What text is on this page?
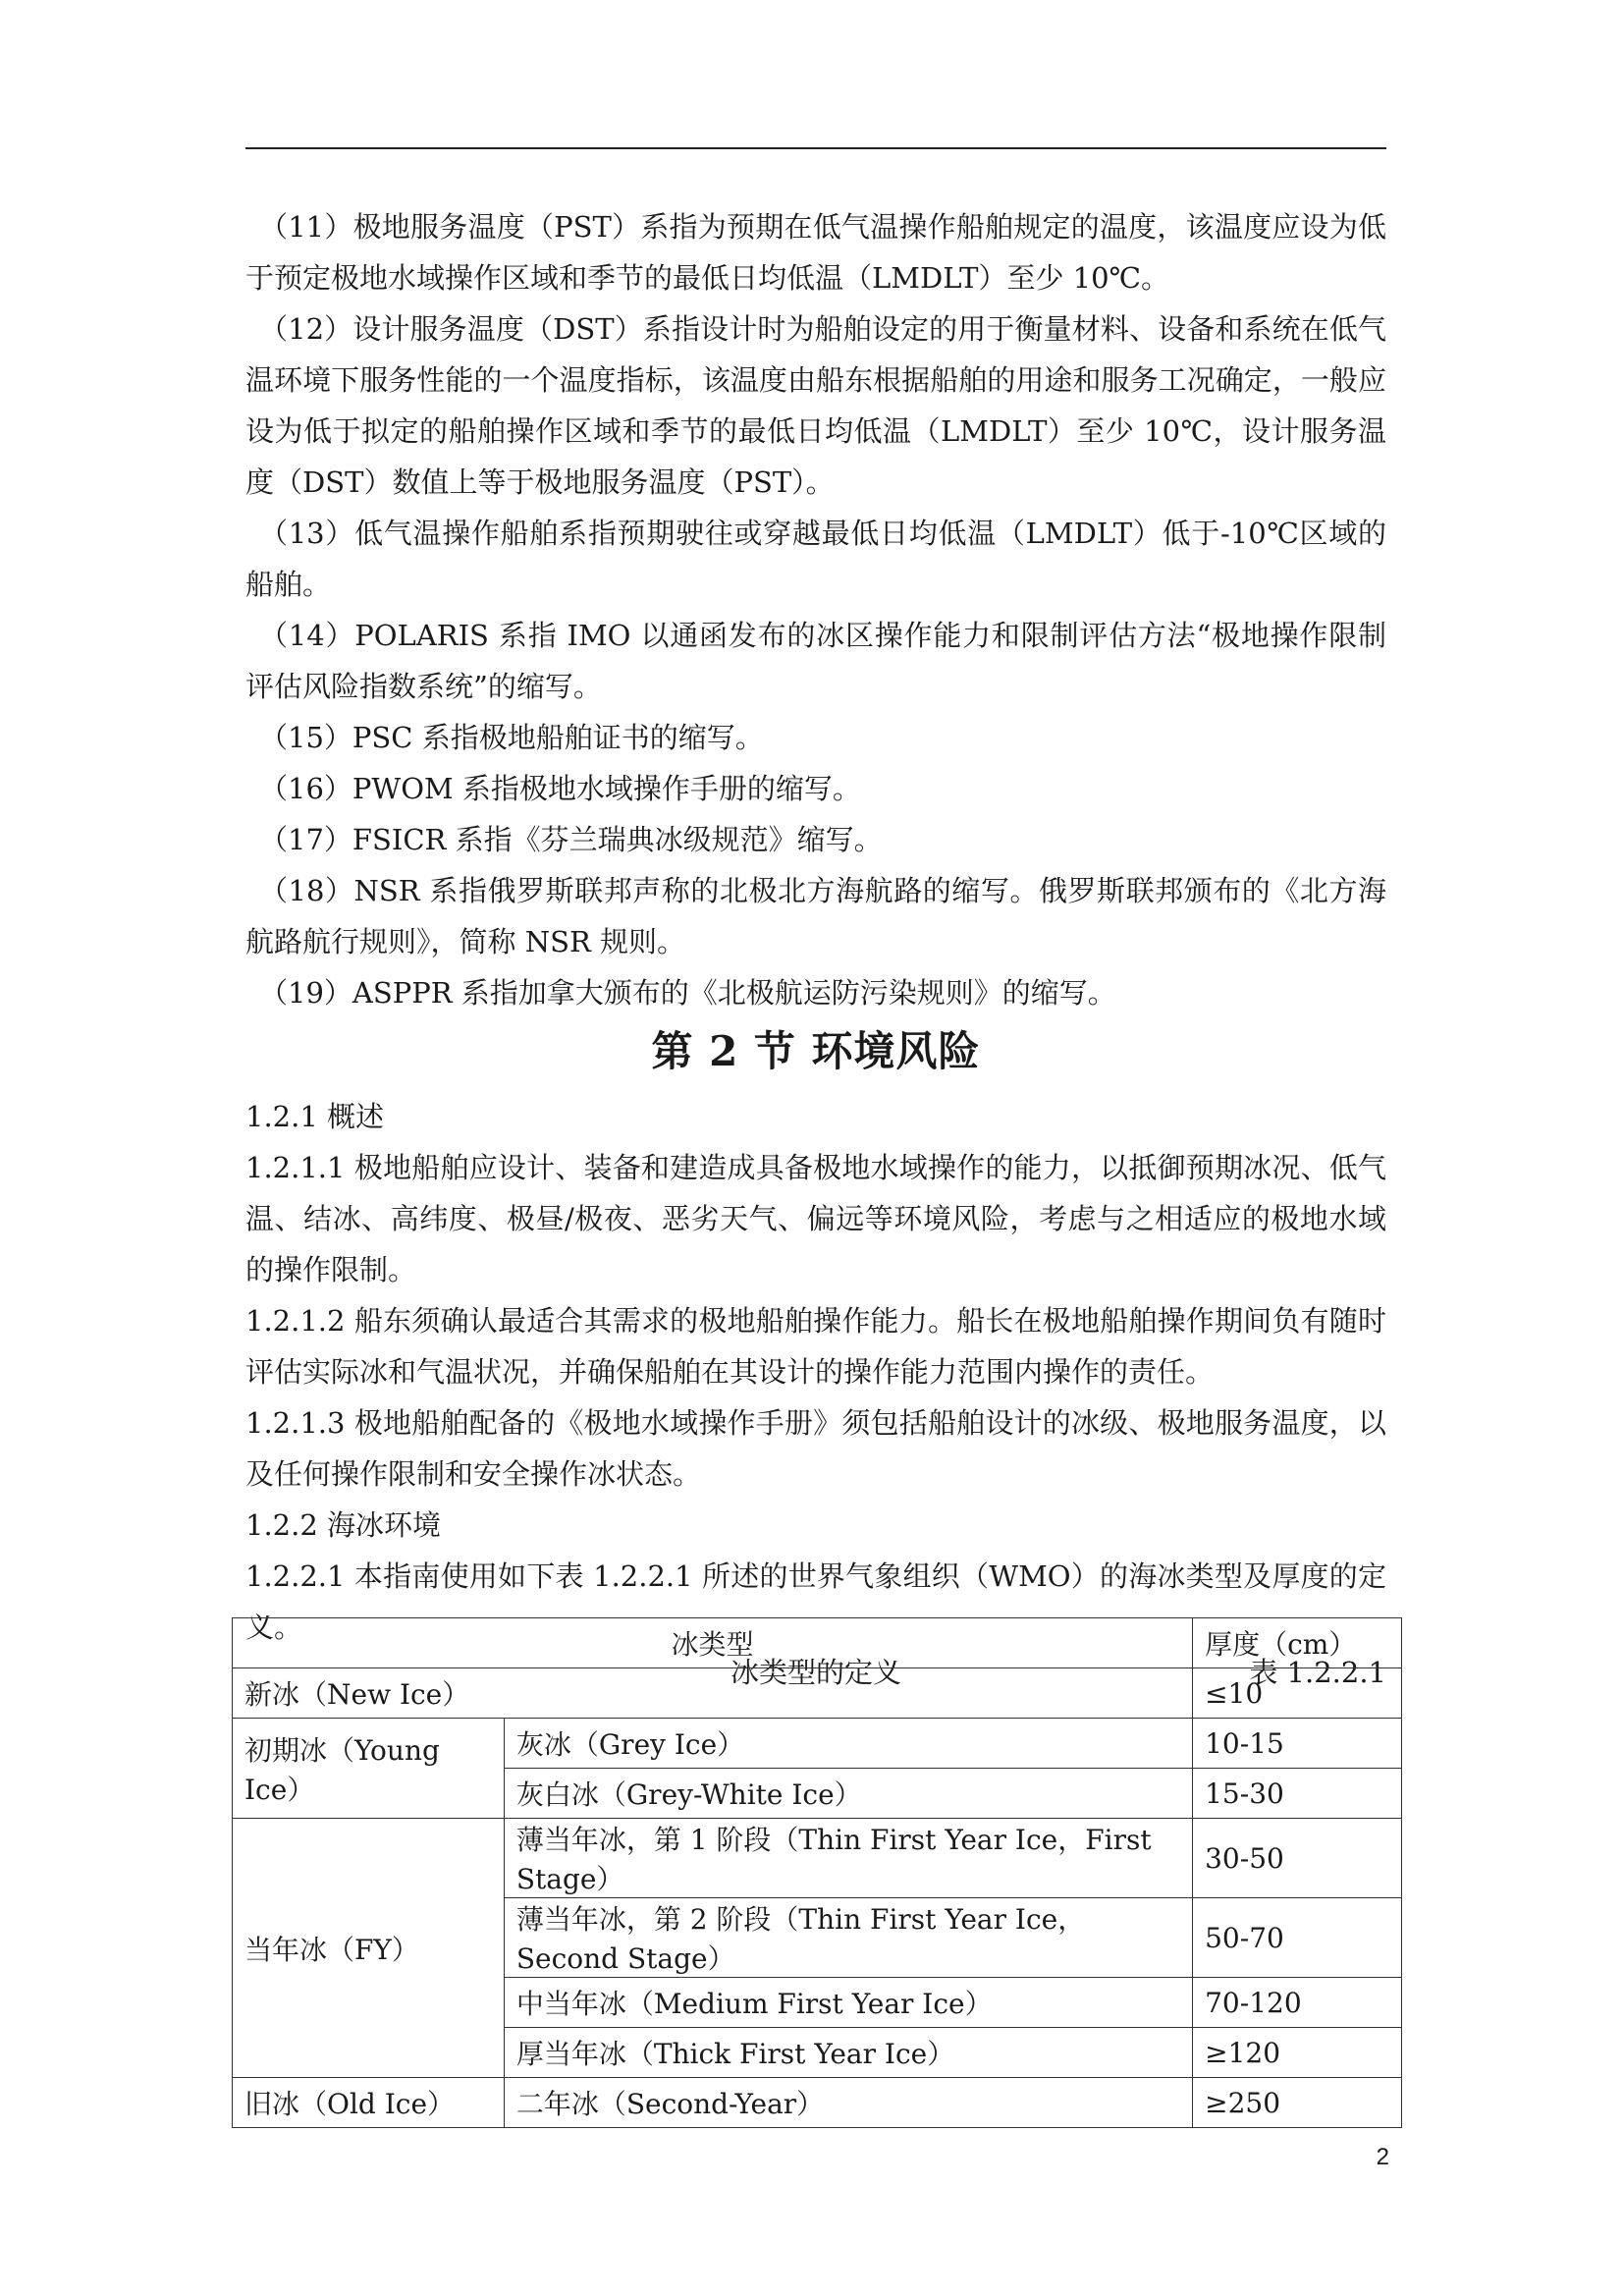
（11）极地服务温度（PST）系指为预期在低气温操作船舶规定的温度，该温度应设为低于预定极地水域操作区域和季节的最低日均低温（LMDLT）至少 10℃。

（12）设计服务温度（DST）系指设计时为船舶设定的用于衡量材料、设备和系统在低气温环境下服务性能的一个温度指标，该温度由船东根据船舶的用途和服务工况确定，一般应设为低于拟定的船舶操作区域和季节的最低日均低温（LMDLT）至少 10℃，设计服务温度（DST）数值上等于极地服务温度（PST）。

（13）低气温操作船舶系指预期驶往或穿越最低日均低温（LMDLT）低于-10℃区域的船舶。

（14）POLARIS 系指 IMO 以通函发布的冰区操作能力和限制评估方法“极地操作限制评估风险指数系统”的缩写。

（15）PSC 系指极地船舶证书的缩写。

（16）PWOM 系指极地水域操作手册的缩写。

（17）FSICR 系指《芬兰瑞典冰级规范》缩写。

（18）NSR 系指俄罗斯联邦声称的北极北方海航路的缩写。俄罗斯联邦颁布的《北方海航路航行规则》，简称 NSR 规则。

（19）ASPPR 系指加拿大颁布的《北极航运防污染规则》的缩写。

第 2 节 环境风险

1.2.1 概述

1.2.1.1 极地船舶应设计、装备和建造成具备极地水域操作的能力，以抵御预期冰况、低气温、结冰、高纬度、极昼/极夜、恶劣天气、偏远等环境风险，考虑与之相适应的极地水域的操作限制。

1.2.1.2 船东须确认最适合其需求的极地船舶操作能力。船长在极地船舶操作期间负有随时评估实际冰和气温状况，并确保船舶在其设计的操作能力范围内操作的责任。

1.2.1.3 极地船舶配备的《极地水域操作手册》须包括船舶设计的冰级、极地服务温度，以及任何操作限制和安全操作冰状态。

1.2.2 海冰环境

1.2.2.1 本指南使用如下表 1.2.2.1 所述的世界气象组织（WMO）的海冰类型及厚度的定义。

冰类型的定义	表 1.2.2.1
冰类型		厚度（cm）
新冰（New Ice）		≤10
初期冰（Young Ice）	灰冰（Grey Ice）	10-15
	灰白冰（Grey-White Ice）	15-30
当年冰（FY）	薄当年冰，第 1 阶段（Thin First Year Ice，First Stage）	30-50
	薄当年冰，第 2 阶段（Thin First Year Ice，Second Stage）	50-70
	中当年冰（Medium First Year Ice）	70-120
	厚当年冰（Thick First Year Ice）	≥120
旧冰（Old Ice）	二年冰（Second-Year）	≥250
2
